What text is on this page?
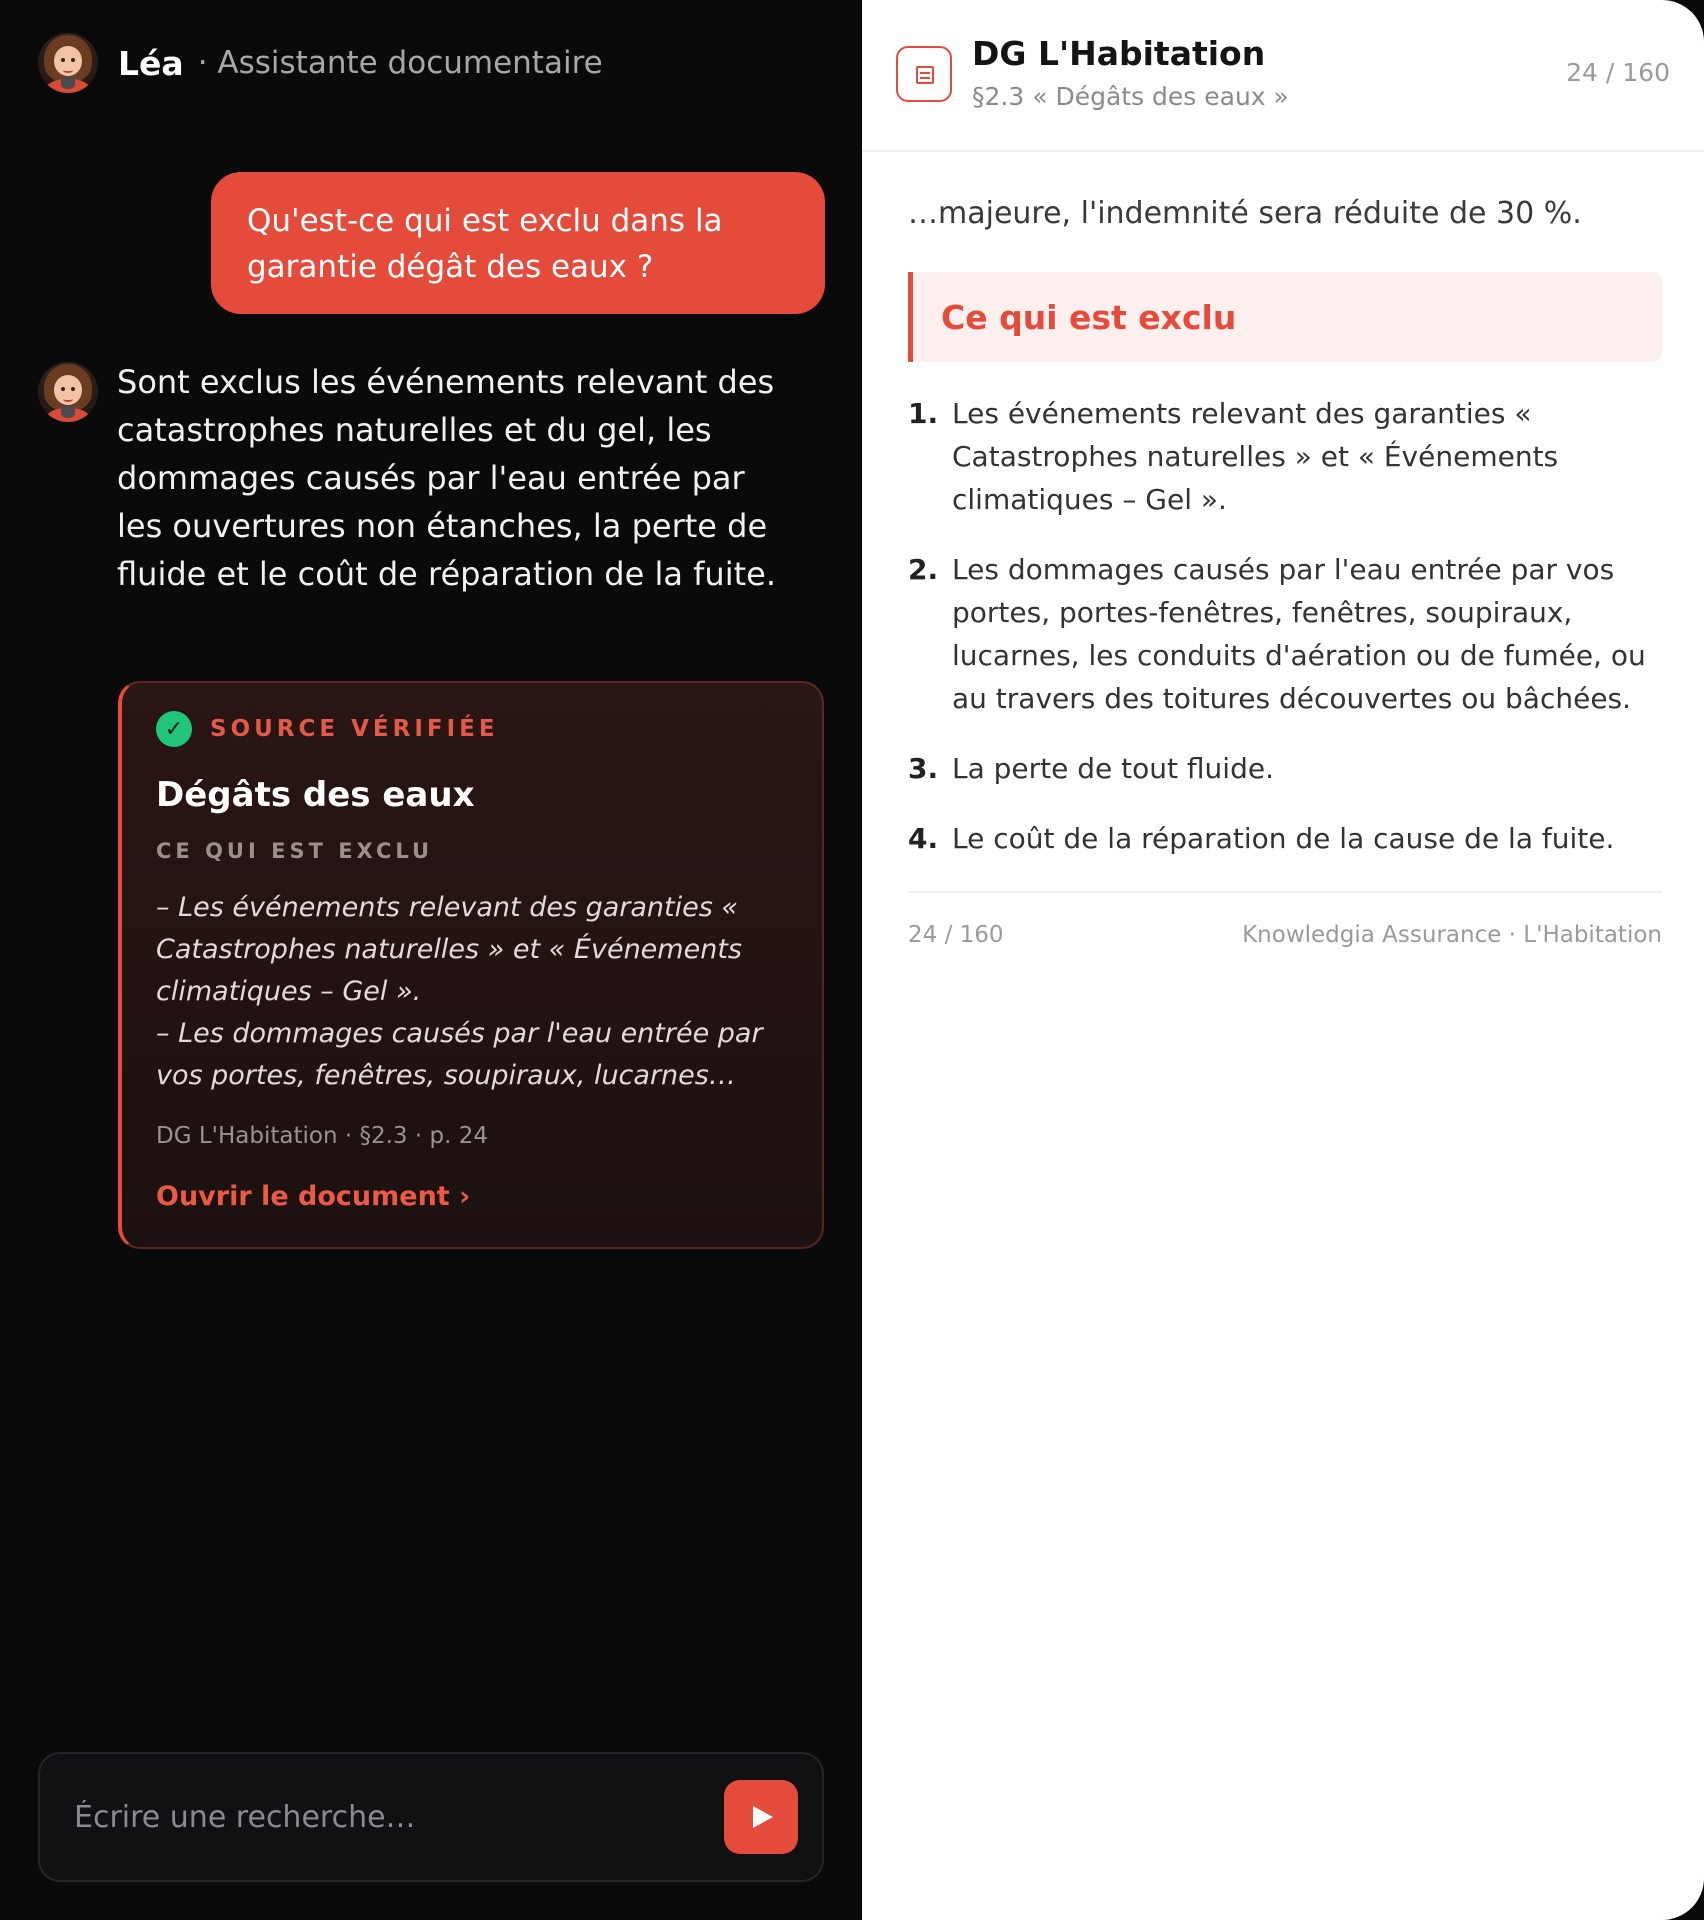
Léa · Assistante documentaire
Qu'est-ce qui est exclu dans la garantie dégât des eaux ?
Sont exclus les événements relevant des catastrophes naturelles et du gel, les dommages causés par l'eau entrée par les ouvertures non étanches, la perte de fluide et le coût de réparation de la fuite.
✓	SOURCE VÉRIFIÉE
Dégâts des eaux
CE QUI EST EXCLU
– Les événements relevant des garanties « Catastrophes naturelles » et « Événements climatiques – Gel ».
– Les dommages causés par l'eau entrée par vos portes, fenêtres, soupiraux, lucarnes…
DG L'Habitation · §2.3 · p. 24
Ouvrir le document ›
Écrire une recherche…
DG L'Habitation
§2.3 « Dégâts des eaux »
24 / 160
…majeure, l'indemnité sera réduite de 30 %.
Ce qui est exclu
1. Les événements relevant des garanties « Catastrophes naturelles » et « Événements climatiques – Gel ».
2. Les dommages causés par l'eau entrée par vos portes, portes-fenêtres, fenêtres, soupiraux, lucarnes, les conduits d'aération ou de fumée, ou au travers des toitures découvertes ou bâchées.
3. La perte de tout fluide.
4. Le coût de la réparation de la cause de la fuite.
24 / 160	Knowledgia Assurance · L'Habitation
